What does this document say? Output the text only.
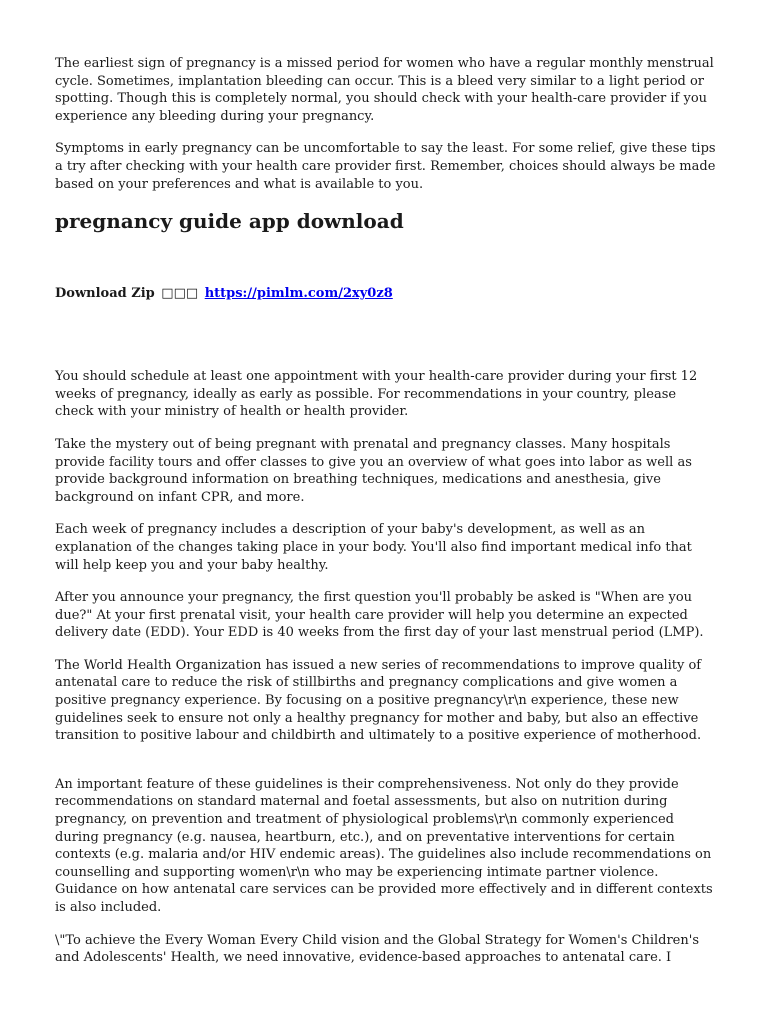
The earliest sign of pregnancy is a missed period for women who have a regular monthly menstrual cycle. Sometimes, implantation bleeding can occur. This is a bleed very similar to a light period or spotting. Though this is completely normal, you should check with your health-care provider if you experience any bleeding during your pregnancy.

Symptoms in early pregnancy can be uncomfortable to say the least. For some relief, give these tips a try after checking with your health care provider first. Remember, choices should always be made based on your preferences and what is available to you.

pregnancy guide app download
Download Zip □□□ https://pimlm.com/2xy0z8

You should schedule at least one appointment with your health-care provider during your first 12 weeks of pregnancy, ideally as early as possible. For recommendations in your country, please check with your ministry of health or health provider.

Take the mystery out of being pregnant with prenatal and pregnancy classes. Many hospitals provide facility tours and offer classes to give you an overview of what goes into labor as well as provide background information on breathing techniques, medications and anesthesia, give background on infant CPR, and more.

Each week of pregnancy includes a description of your baby's development, as well as an explanation of the changes taking place in your body. You'll also find important medical info that will help keep you and your baby healthy.

After you announce your pregnancy, the first question you'll probably be asked is "When are you due?" At your first prenatal visit, your health care provider will help you determine an expected delivery date (EDD). Your EDD is 40 weeks from the first day of your last menstrual period (LMP).

The World Health Organization has issued a new series of recommendations to improve quality of antenatal care to reduce the risk of stillbirths and pregnancy complications and give women a positive pregnancy experience. By focusing on a positive pregnancy\r\n experience, these new guidelines seek to ensure not only a healthy pregnancy for mother and baby, but also an effective transition to positive labour and childbirth and ultimately to a positive experience of motherhood.

An important feature of these guidelines is their comprehensiveness. Not only do they provide recommendations on standard maternal and foetal assessments, but also on nutrition during pregnancy, on prevention and treatment of physiological problems\r\n commonly experienced during pregnancy (e.g. nausea, heartburn, etc.), and on preventative interventions for certain contexts (e.g. malaria and/or HIV endemic areas). The guidelines also include recommendations on counselling and supporting women\r\n who may be experiencing intimate partner violence. Guidance on how antenatal care services can be provided more effectively and in different contexts is also included.

\"To achieve the Every Woman Every Child vision and the Global Strategy for Women's Children's and Adolescents' Health, we need innovative, evidence-based approaches to antenatal care. I
